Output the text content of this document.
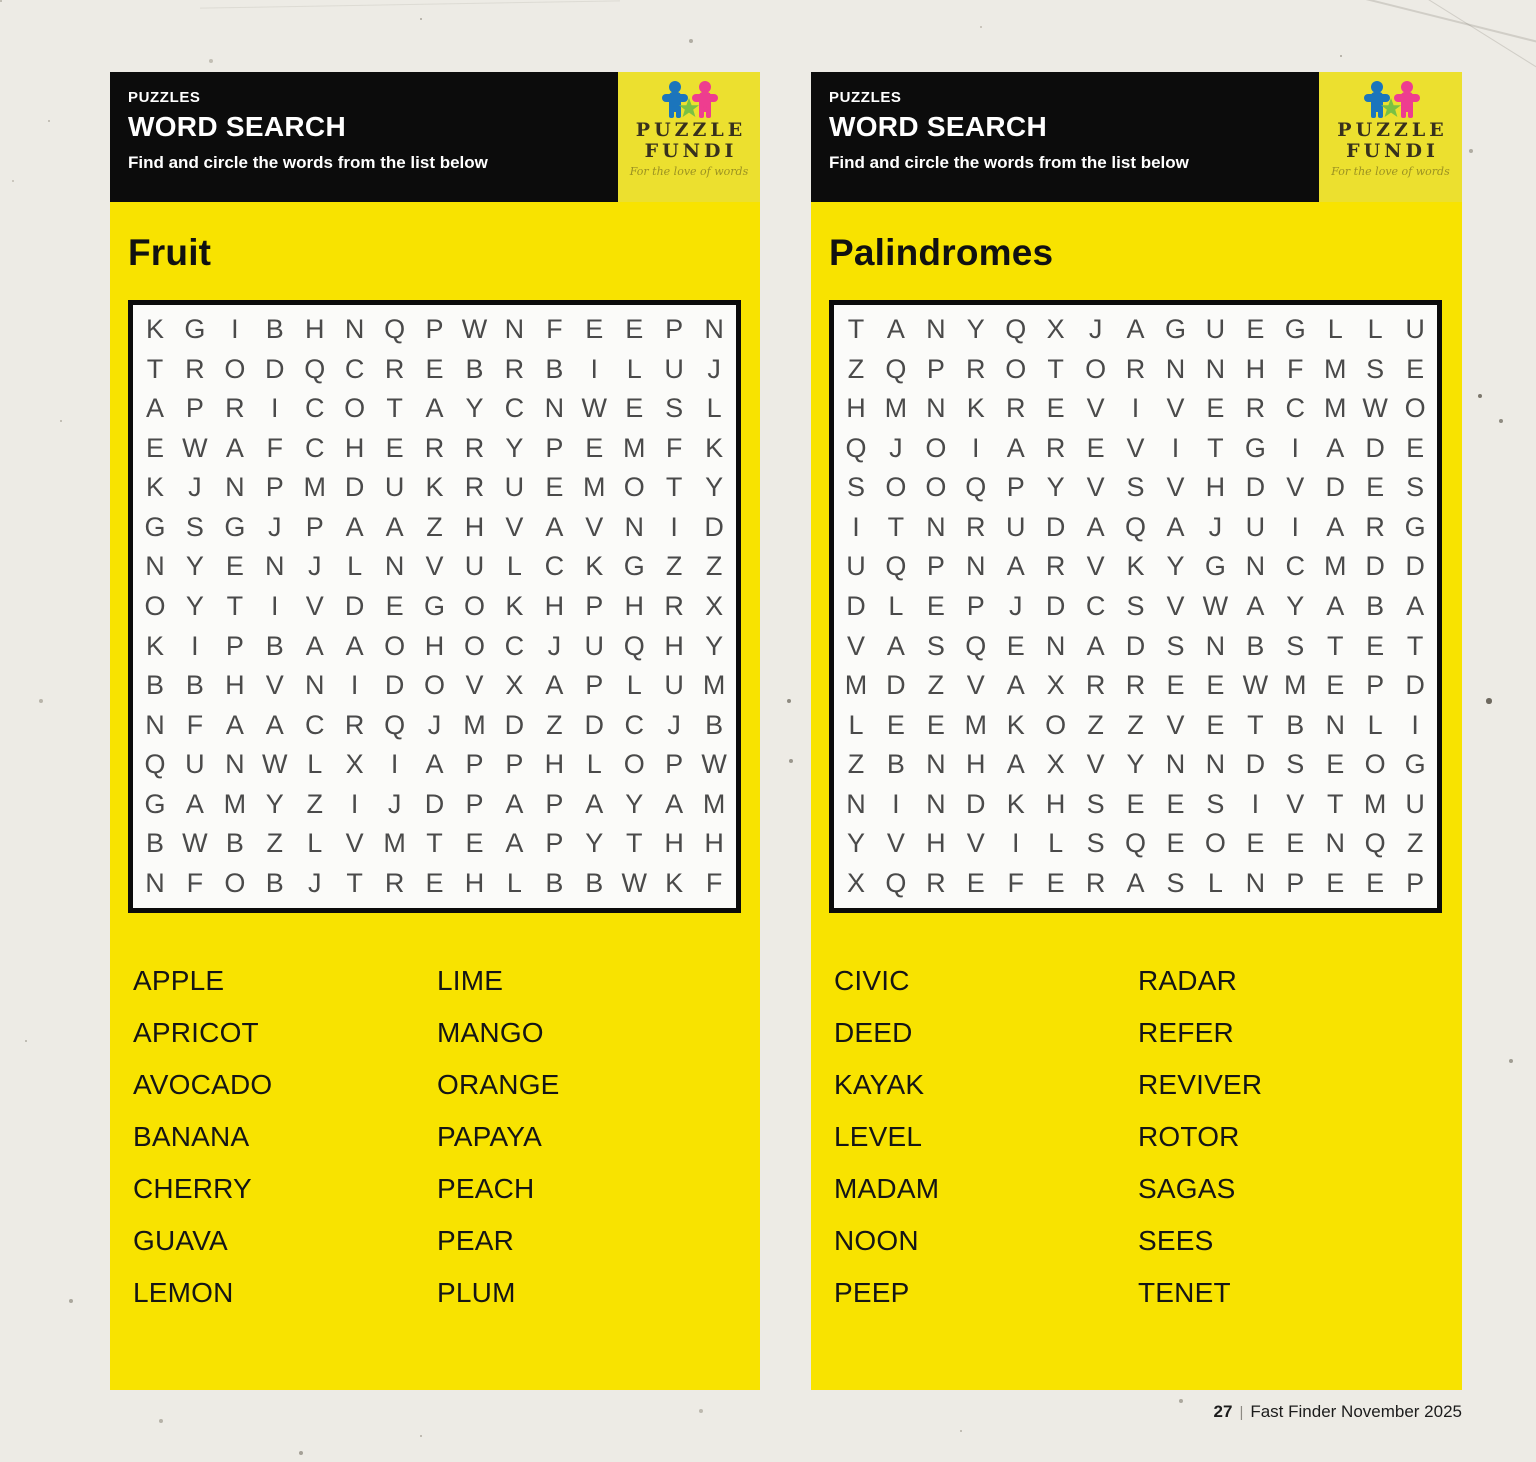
PUZZLES
WORD SEARCH
Find and circle the words from the list below
PUZZLE
FUNDI
For the love of words
Fruit
K G I	B H N Q P W N F E E P N
T R O D Q C R E B R B	I	L U J
A P R I C O T A Y C N W E S L
E W A F C H E R R Y P E M F K
K J N P M D U K R U E M O T Y
G S G J P A A Z H V A V N I D
N Y E N J L N V U L C K G Z Z
O Y T	I	V D E G O K H P H R X
K	I	P B A A O H O C J U Q H Y
B B H V N I D O V X A P L U M
N F A A C R Q J M D Z D C J B
Q U N W L X	I	A P P H L O P W
G A M Y Z	I	J D P A P A Y A M
B W B Z L V M T E A P Y T H H
N F O B J T R E H L B B W K F
APPLE
APRICOT
AVOCADO
BANANA
CHERRY
GUAVA
LEMON
LIME
MANGO
ORANGE
PAPAYA
PEACH
PEAR
PLUM
PUZZLES
WORD SEARCH
Find and circle the words from the list below
PUZZLE
FUNDI
For the love of words
Palindromes
T A N Y Q X J A G U E G L L U
Z Q P R O T O R N N H F M S E
H M N K R E V	I	V E R C M W O
Q J O I	A R E V	I	T G I	A D E
S O O Q P Y V S V H D V D E S
I	T N R U D A Q A J U I	A R G
U Q P N A R V K Y G N C M D D
D L E P J D C S V W A Y A B A
V A S Q E N A D S N B S T E T
M D Z V A X R R E E W M E P D
L E E M K O Z Z V E T B N L	I
Z B N H A X V Y N N D S E O G
N I N D K H S E E S	I	V T M U
Y V H V	I	L S Q E O E E N Q Z
X Q R E F E R A S L N P E E P
CIVIC
DEED
KAYAK
LEVEL
MADAM
NOON
PEEP
RADAR
REFER
REVIVER
ROTOR
SAGAS
SEES
TENET
27 | Fast Finder November 2025
